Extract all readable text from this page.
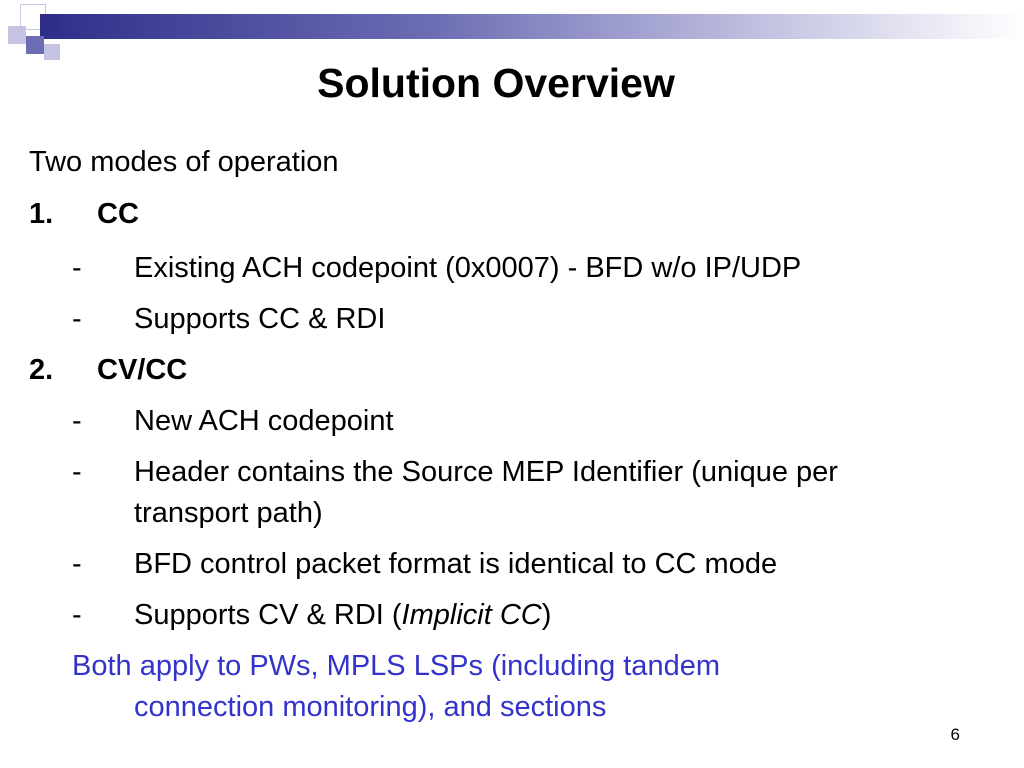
Solution Overview
Two modes of operation
1. CC
- Existing ACH codepoint (0x0007) - BFD w/o IP/UDP
- Supports CC & RDI
2. CV/CC
- New ACH codepoint
- Header contains the Source MEP Identifier (unique per
transport path)
- BFD control packet format is identical to CC mode
- Supports CV & RDI (Implicit CC)
Both apply to PWs, MPLS LSPs (including tandem
connection monitoring), and sections
6
